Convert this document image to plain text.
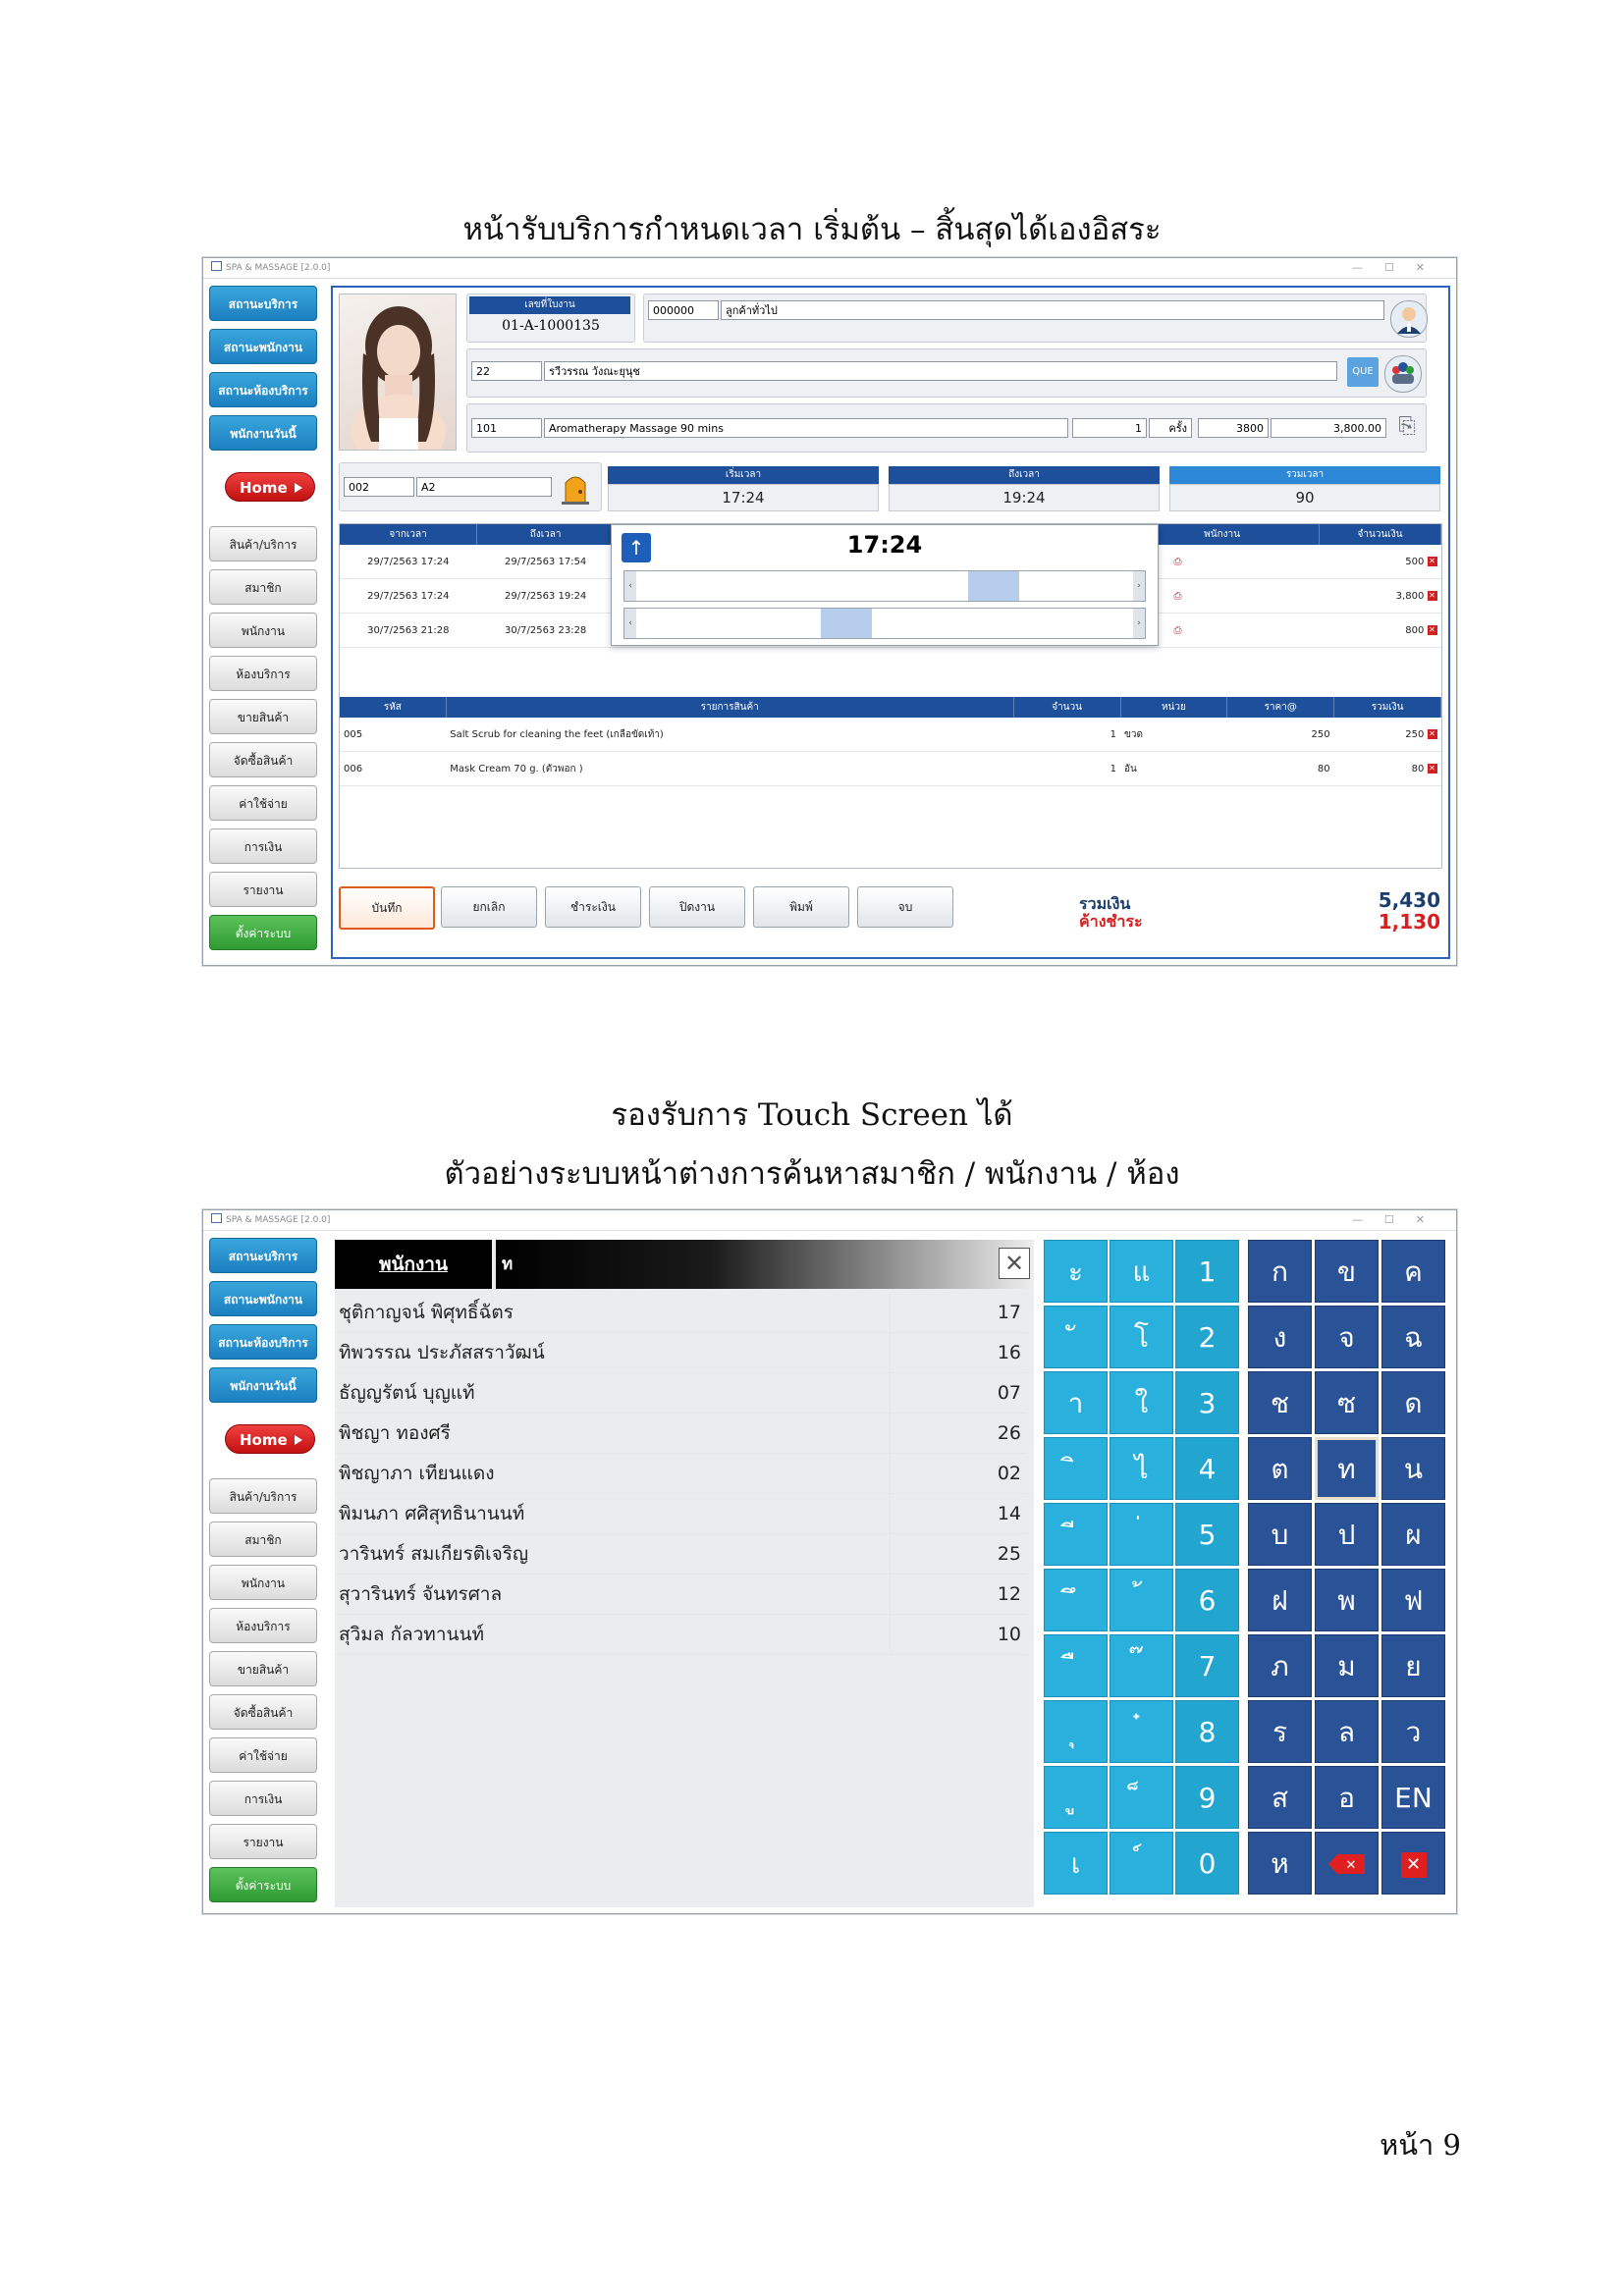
หน้ารับบริการกำหนดเวลา เริ่มต้น – สิ้นสุดได้เองอิสระ
รองรับการ Touch Screen ได้
ตัวอย่างระบบหน้าต่างการค้นหาสมาชิก / พนักงาน / ห้อง
หน้า 9
SPA & MASSAGE [2.0.0]	—☐✕
สถานะบริการ
สถานะพนักงาน
สถานะห้องบริการ
พนักงานวันนี้
Home
สินค้า/บริการ
สมาชิก
พนักงาน
ห้องบริการ
ขายสินค้า
จัดซื้อสินค้า
ค่าใช้จ่าย
การเงิน
รายงาน
ตั้งค่าระบบ
เลขที่ใบงาน
01-A-1000135
000000	ลูกค้าทั่วไป
22	รวีวรรณ วังณะยุนุช	QUE
101	Aromatherapy Massage 90 mins	1	ครั้ง	3800	3,800.00 ⎘
002	A2
เริ่มเวลา
17:24
ถึงเวลา
19:24
รวมเวลา
90
จากเวลา	ถึงเวลา	พนักงาน	จำนวนเงิน
29/7/2563 17:24	29/7/2563 17:54	⎙	500 ✕
29/7/2563 17:24	29/7/2563 19:24	⎙	3,800 ✕
30/7/2563 21:28	30/7/2563 23:28	⎙	800 ✕
รหัส	รายการสินค้า	จำนวน	หน่วย	ราคา@	รวมเงิน
005	Salt Scrub for cleaning the feet (เกลือขัดเท้า)	1	ขวด	250	250 ✕
006	Mask Cream 70 g. (ตัวพอก )	1	อัน	80	80 ✕
↑	17:24
‹	›
‹	›
บันทึก	ยกเลิก	ชำระเงิน	ปิดงาน	พิมพ์	จบ	รวมเงิน
ค้างชำระ
5,430
1,130
SPA & MASSAGE [2.0.0]	—☐✕
สถานะบริการ
สถานะพนักงาน
สถานะห้องบริการ
พนักงานวันนี้
Home
สินค้า/บริการ
สมาชิก
พนักงาน
ห้องบริการ
ขายสินค้า
จัดซื้อสินค้า
ค่าใช้จ่าย
การเงิน
รายงาน
ตั้งค่าระบบ
พนักงาน	ท	✕
ชุติกาญจน์ พิศุทธิ์ฉัตร	17
ทิพวรรณ ประภัสสราวัฒน์	16
ธัญญรัตน์ บุญแท้	07
พิชญา ทองศรี	26
พิชญาภา เทียนแดง	02
พิมนภา ศศิสุทธินานนท์	14
วารินทร์ สมเกียรติเจริญ	25
สุวารินทร์ จันทรศาล	12
สุวิมล กัลวทานนท์	10
ะ	แ	1
โ	2
า	ใ	3
ไ	4
5
6
7
8
9
เ	0
ก	ข	ค
ง	จ	ฉ
ช	ซ	ด
ต	ท	น
บ	ป	ผ
ฝ	พ	ฟ
ภ	ม	ย
ร	ล	ว
ส	อ	EN
ห	✕	✕
